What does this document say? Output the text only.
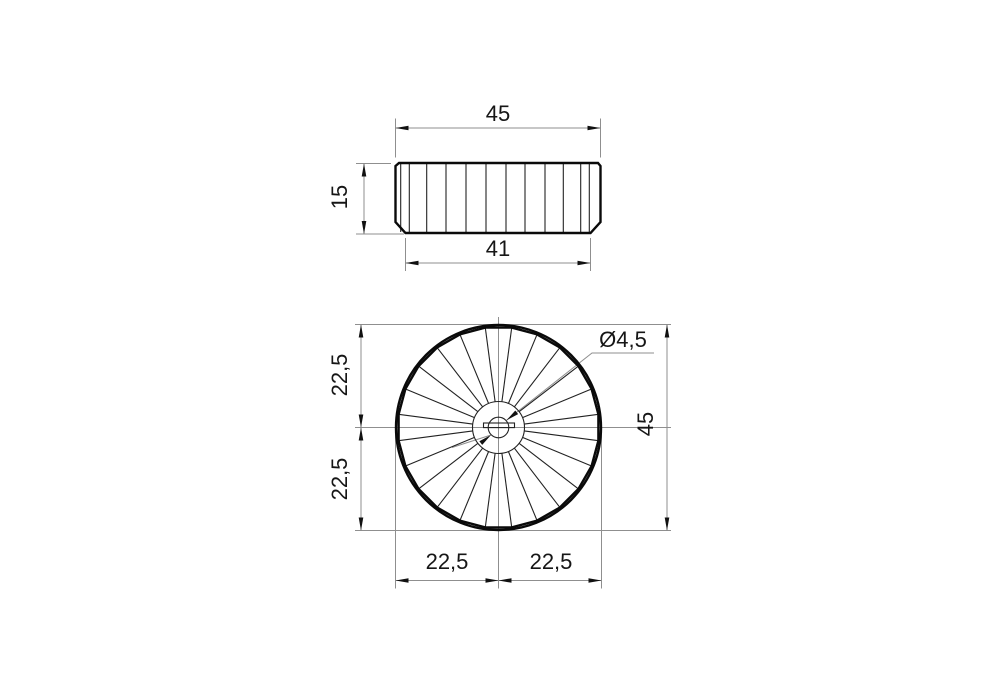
45
15
41
22,5
22,5
45
22,5	22,5
Ø4,5
